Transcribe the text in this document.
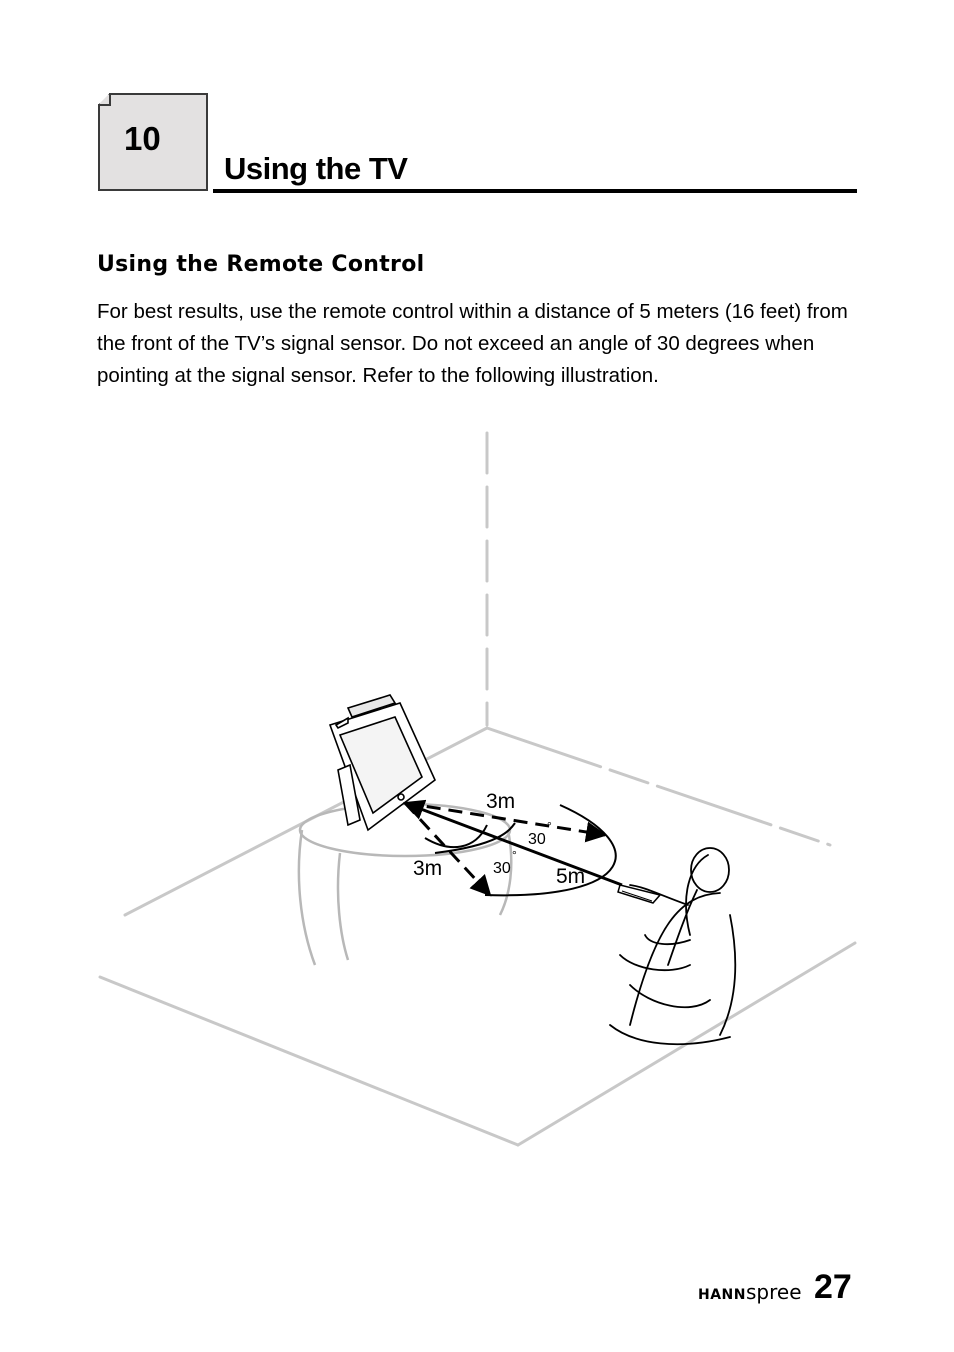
10
Using the TV
Using the Remote Control
For best results, use the remote control within a distance of 5 meters (16 feet) from the front of the TV’s signal sensor. Do not exceed an angle of 30 degrees when pointing at the signal sensor. Refer to the following illustration.
3m
3m	5m
30
°
30
°
HANNspree 27
